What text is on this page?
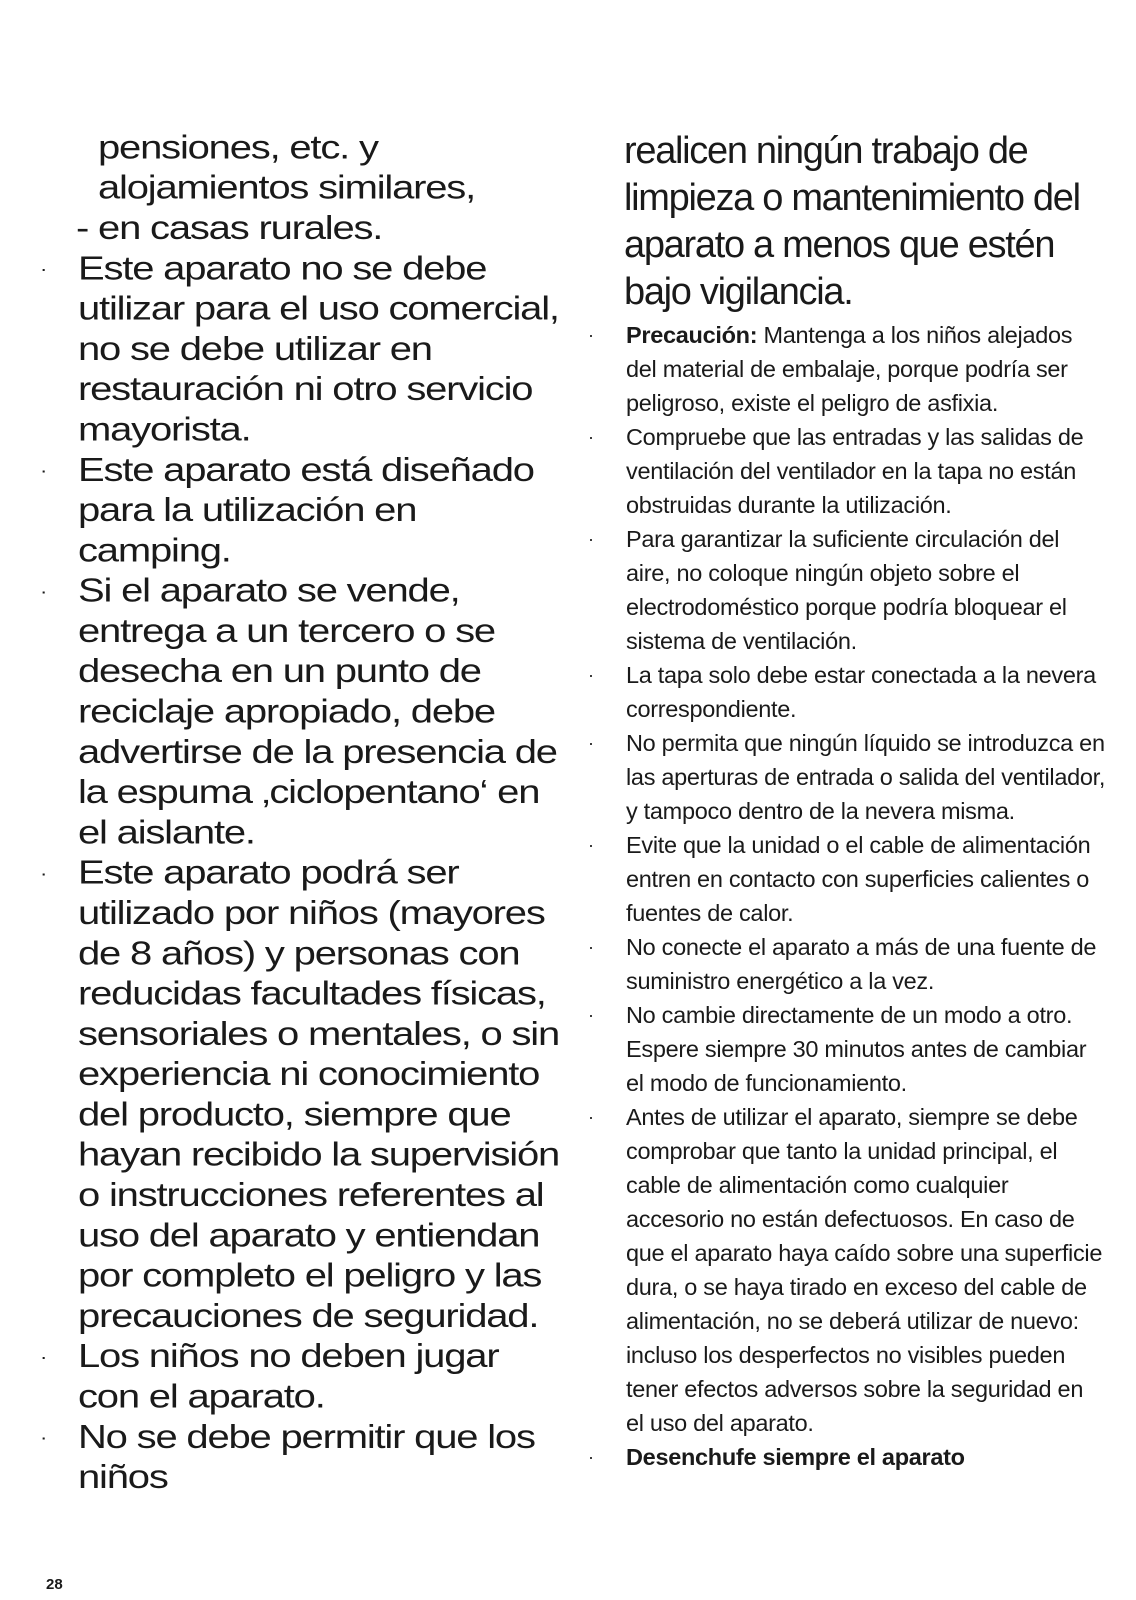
pensiones, etc. y alojamientos similares,

- en casas rurales.

· Este aparato no se debe utilizar para el uso comercial, no se debe utilizar en restauración ni otro servicio mayorista.
· Este aparato está diseñado para la utilización en camping.
· Si el aparato se vende, entrega a un tercero o se desecha en un punto de reciclaje apropiado, debe advertirse de la presencia de la espuma ‚ciclopentano‘ en el aislante.
· Este aparato podrá ser utilizado por niños (mayores de 8 años) y personas con reducidas facultades físicas, sensoriales o mentales, o sin experiencia ni conocimiento del producto, siempre que hayan recibido la supervisión o instrucciones referentes al uso del aparato y entiendan por completo el peligro y las precauciones de seguridad.
· Los niños no deben jugar con el aparato.
· No se debe permitir que los niños

realicen ningún trabajo de limpieza o mantenimiento del aparato a menos que estén bajo vigilancia.

·	Precaución: Mantenga a los niños alejados del material de embalaje, porque podría ser peligroso, existe el peligro de asfixia.
·	Compruebe que las entradas y las salidas de ventilación del ventilador en la tapa no están obstruidas durante la utilización.
·	Para garantizar la suficiente circulación del aire, no coloque ningún objeto sobre el electrodoméstico porque podría bloquear el sistema de ventilación.
·	La tapa solo debe estar conectada a la nevera correspondiente.
·	No permita que ningún líquido se introduzca en las aperturas de entrada o salida del ventilador, y tampoco dentro de la nevera misma.
·	Evite que la unidad o el cable de alimentación entren en contacto con superficies calientes o fuentes de calor.
·	No conecte el aparato a más de una fuente de suministro energético a la vez.
·	No cambie directamente de un modo a otro. Espere siempre 30 minutos antes de cambiar el modo de funcionamiento.
·	Antes de utilizar el aparato, siempre se debe comprobar que tanto la unidad principal, el cable de alimentación como cualquier accesorio no están defectuosos. En caso de que el aparato haya caído sobre una superficie dura, o se haya tirado en exceso del cable de alimentación, no se deberá utilizar de nuevo: incluso los desperfectos no visibles pueden tener efectos adversos sobre la seguridad en el uso del aparato.
·	Desenchufe siempre el aparato
28
